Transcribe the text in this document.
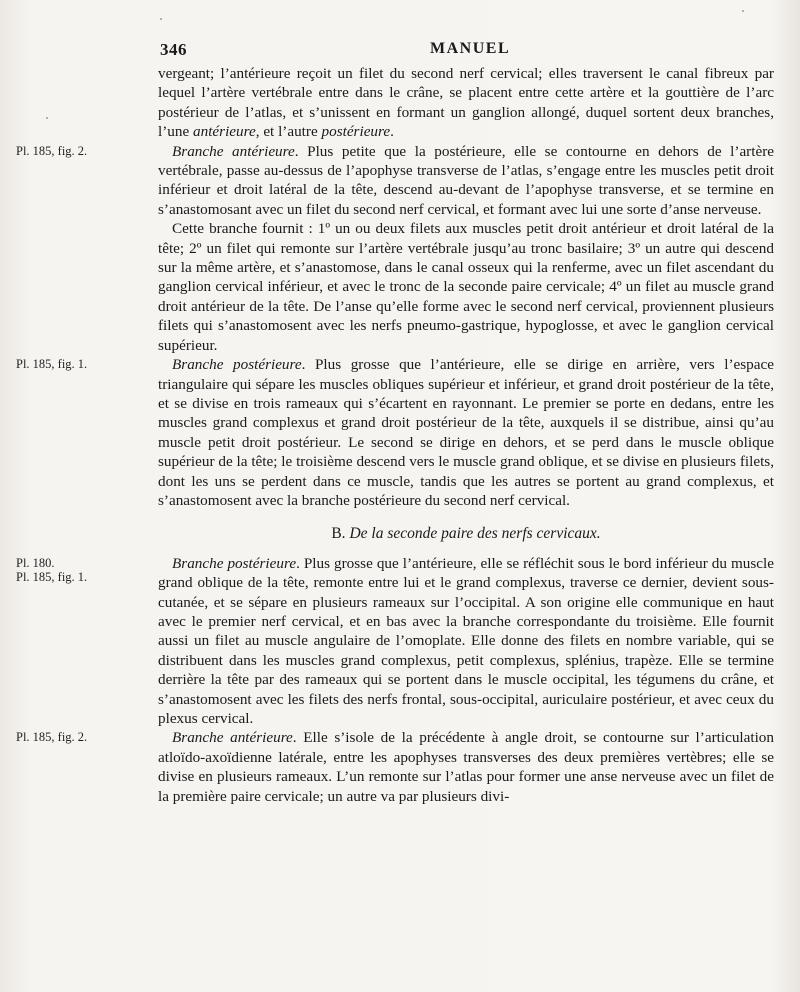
346	MANUEL

vergeant; l’antérieure reçoit un filet du second nerf cervical; elles traversent le canal fibreux par lequel l’artère vertébrale entre dans le crâne, se placent entre cette artère et la gouttière de l’arc postérieur de l’atlas, et s’unissent en formant un ganglion allongé, duquel sortent deux branches, l’une antérieure, et l’autre postérieure.

Pl. 185, fig. 2.	Branche antérieure. Plus petite que la postérieure, elle se contourne en dehors de l’artère vertébrale, passe au-dessus de l’apophyse transverse de l’atlas, s’engage entre les muscles petit droit inférieur et droit latéral de la tête, descend au-devant de l’apophyse transverse, et se termine en s’anastomosant avec un filet du second nerf cervical, et formant avec lui une sorte d’anse nerveuse.

Cette branche fournit : 1º un ou deux filets aux muscles petit droit antérieur et droit latéral de la tête; 2º un filet qui remonte sur l’artère vertébrale jusqu’au tronc basilaire; 3º un autre qui descend sur la même artère, et s’anastomose, dans le canal osseux qui la renferme, avec un filet ascendant du ganglion cervical inférieur, et avec le tronc de la seconde paire cervicale; 4º un filet au muscle grand droit antérieur de la tête. De l’anse qu’elle forme avec le second nerf cervical, proviennent plusieurs filets qui s’anastomosent avec les nerfs pneumo-gastrique, hypoglosse, et avec le ganglion cervical supérieur.

Pl. 185, fig. 1.	Branche postérieure. Plus grosse que l’antérieure, elle se dirige en arrière, vers l’espace triangulaire qui sépare les muscles obliques supérieur et inférieur, et grand droit postérieur de la tête, et se divise en trois rameaux qui s’écartent en rayonnant. Le premier se porte en dedans, entre les muscles grand complexus et grand droit postérieur de la tête, auxquels il se distribue, ainsi qu’au muscle petit droit postérieur. Le second se dirige en dehors, et se perd dans le muscle oblique supérieur de la tête; le troisième descend vers le muscle grand oblique, et se divise en plusieurs filets, dont les uns se perdent dans ce muscle, tandis que les autres se portent au grand complexus, et s’anastomosent avec la branche postérieure du second nerf cervical.

B. De la seconde paire des nerfs cervicaux.
Pl. 180.
Pl. 185, fig. 1.

Branche postérieure. Plus grosse que l’antérieure, elle se réfléchit sous le bord inférieur du muscle grand oblique de la tête, remonte entre lui et le grand complexus, traverse ce dernier, devient sous-cutanée, et se sépare en plusieurs rameaux sur l’occipital. A son origine elle communique en haut avec le premier nerf cervical, et en bas avec la branche correspondante du troisième. Elle fournit aussi un filet au muscle angulaire de l’omoplate. Elle donne des filets en nombre variable, qui se distribuent dans les muscles grand complexus, petit complexus, splénius, trapèze. Elle se termine derrière la tête par des rameaux qui se portent dans le muscle occipital, les tégumens du crâne, et s’anastomosent avec les filets des nerfs frontal, sous-occipital, auriculaire postérieur, et avec ceux du plexus cervical.

Pl. 185, fig. 2.	Branche antérieure. Elle s’isole de la précédente à angle droit, se contourne sur l’articulation atloïdo-axoïdienne latérale, entre les apophyses transverses des deux premières vertèbres; elle se divise en plusieurs rameaux. L’un remonte sur l’atlas pour former une anse nerveuse avec un filet de la première paire cervicale; un autre va par plusieurs divi-
